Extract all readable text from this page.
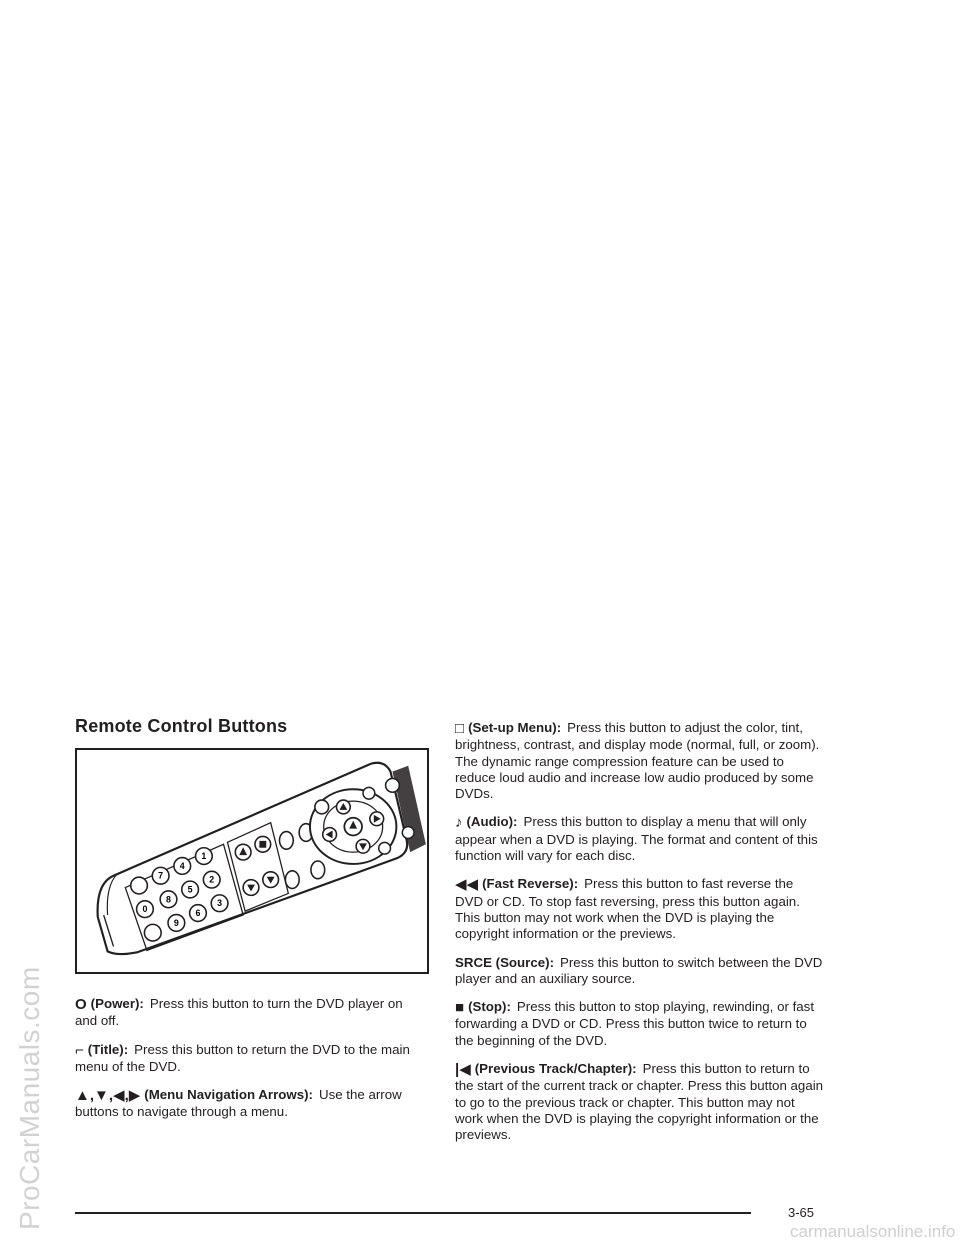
ProCarManuals.com
Remote Control Buttons
1
2
3
4
5
6
7
8
9
0

O (Power): Press this button to turn the DVD player on and off.

⌐ (Title): Press this button to return the DVD to the main menu of the DVD.

▲,▼,◀,▶ (Menu Navigation Arrows): Use the arrow buttons to navigate through a menu.

□ (Set-up Menu): Press this button to adjust the color, tint, brightness, contrast, and display mode (normal, full, or zoom). The dynamic range compression feature can be used to reduce loud audio and increase low audio produced by some DVDs.

♪ (Audio): Press this button to display a menu that will only appear when a DVD is playing. The format and content of this function will vary for each disc.

◀◀ (Fast Reverse): Press this button to fast reverse the DVD or CD. To stop fast reversing, press this button again. This button may not work when the DVD is playing the copyright information or the previews.

SRCE (Source): Press this button to switch between the DVD player and an auxiliary source.

■ (Stop): Press this button to stop playing, rewinding, or fast forwarding a DVD or CD. Press this button twice to return to the beginning of the DVD.

|◀ (Previous Track/Chapter): Press this button to return to the start of the current track or chapter. Press this button again to go to the previous track or chapter. This button may not work when the DVD is playing the copyright information or the previews.

3-65
carmanualsonline.info
